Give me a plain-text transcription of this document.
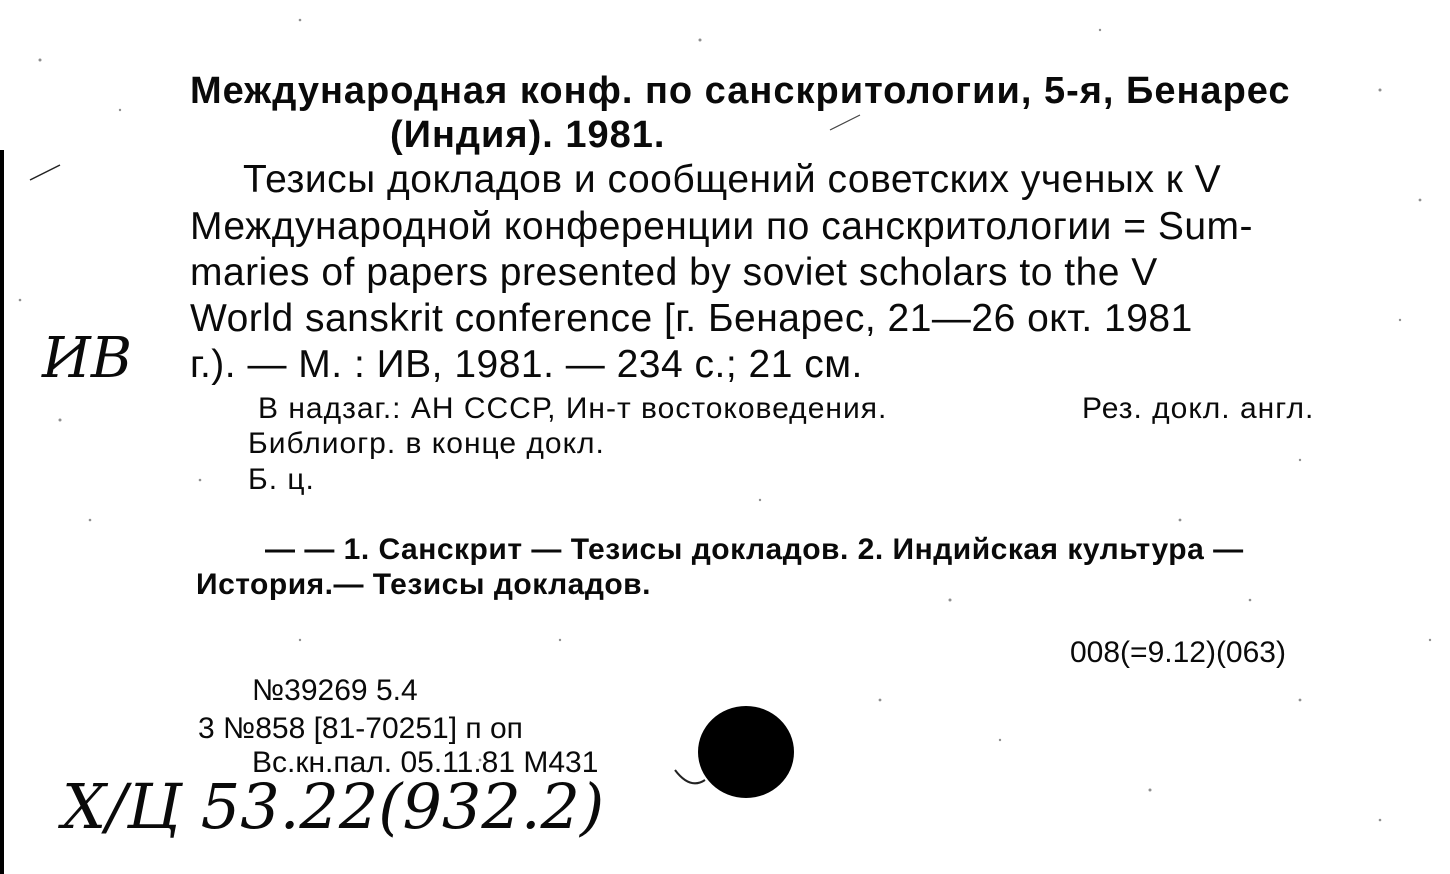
Международная конф. по санскритологии, 5-я, Бенарес
(Индия). 1981.
Тезисы докладов и сообщений советских ученых к V
Международной конференции по санскритологии = Sum-
maries of papers presented by soviet scholars to the V
World sanskrit conference [г. Бенарес, 21—26 окт. 1981
г.). — М. : ИВ, 1981. — 234 с.; 21 см.
В надзаг.: АН СССР, Ин-т востоковедения.	Рез. докл. англ.
Библиогр. в конце докл.
Б. ц.
— — 1. Санскрит — Тезисы докладов. 2. Индийская культура —
История.— Тезисы докладов.
008(=9.12)(063)
№39269 5.4
3 №858 [81-70251] п оп
Вс.кн.пал. 05.11.81 М431
ИВ
Х/Ц 53.22(932.2)
